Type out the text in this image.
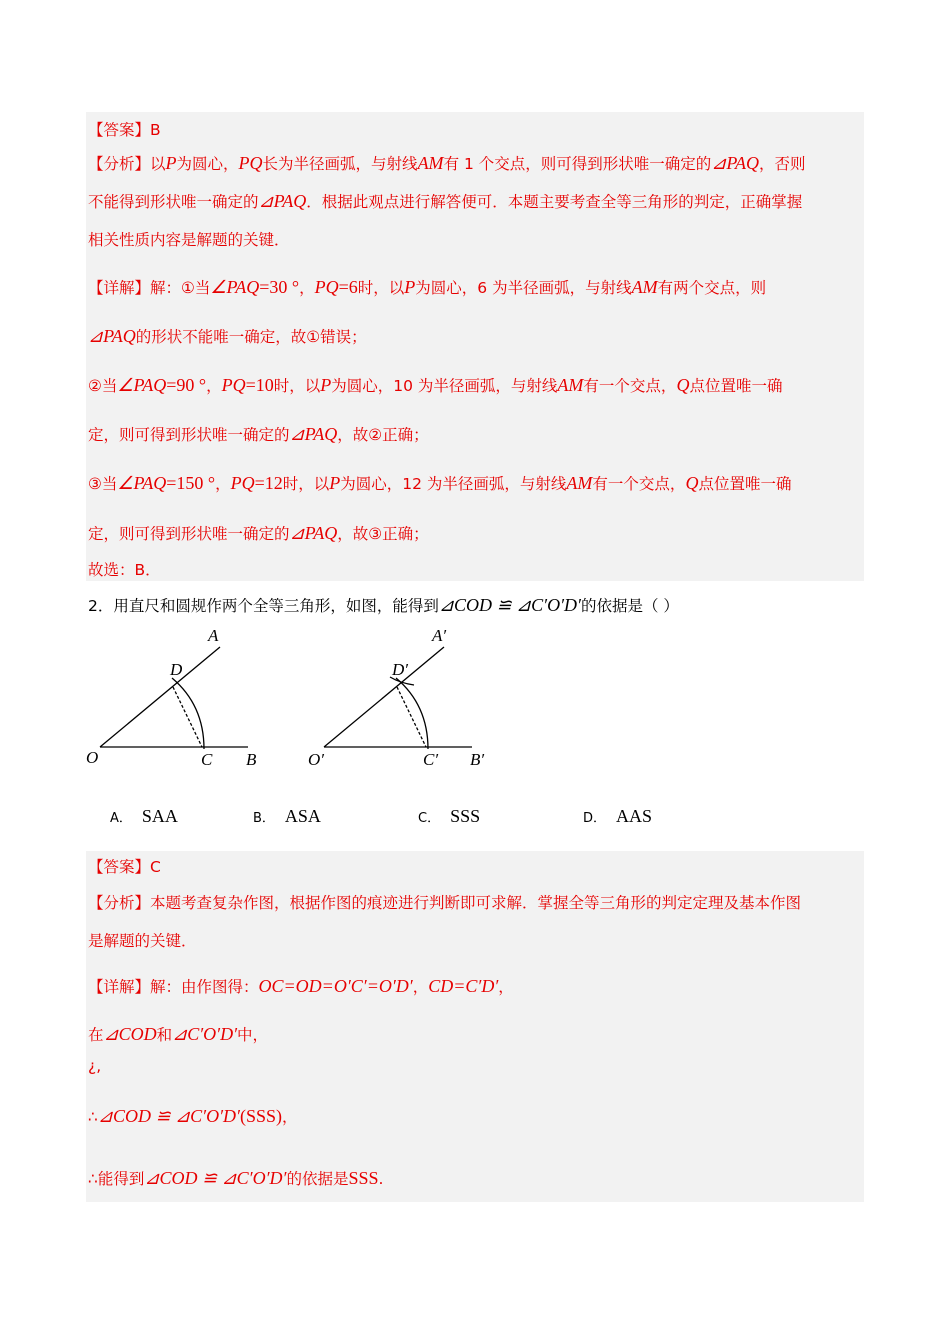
【答案】B
【分析】以P为圆心，PQ长为半径画弧，与射线AM有 1 个交点，则可得到形状唯一确定的⊿PAQ，否则
不能得到形状唯一确定的⊿PAQ．根据此观点进行解答便可．本题主要考查全等三角形的判定，正确掌握
相关性质内容是解题的关键．
【详解】解：①当∠PAQ=30 °，PQ=6时，以P为圆心，6 为半径画弧，与射线AM有两个交点，则
⊿PAQ的形状不能唯一确定，故①错误；
②当∠PAQ=90 °，PQ=10时，以P为圆心，10 为半径画弧，与射线AM有一个交点，Q点位置唯一确
定，则可得到形状唯一确定的⊿PAQ，故②正确；
③当∠PAQ=150 °，PQ=12时，以P为圆心，12 为半径画弧，与射线AM有一个交点，Q点位置唯一确
定，则可得到形状唯一确定的⊿PAQ，故③正确；
故选：B．
2．用直尺和圆规作两个全等三角形，如图，能得到⊿COD ≌ ⊿C′O′D′的依据是（ ）
A
D
O	C B
A′
D′
O′	C′ B′
A． SAA	B． ASA	C． SSS	D． AAS
【答案】C
【分析】本题考查复杂作图，根据作图的痕迹进行判断即可求解．掌握全等三角形的判定定理及基本作图
是解题的关键．
【详解】解：由作图得：OC=OD=O′C′=O′D′，CD=C′D′，
在⊿COD和⊿C′O′D′中，
¿,
∴⊿COD ≌ ⊿C′O′D′(SSS)，
∴能得到⊿COD ≌ ⊿C′O′D′的依据是SSS.
